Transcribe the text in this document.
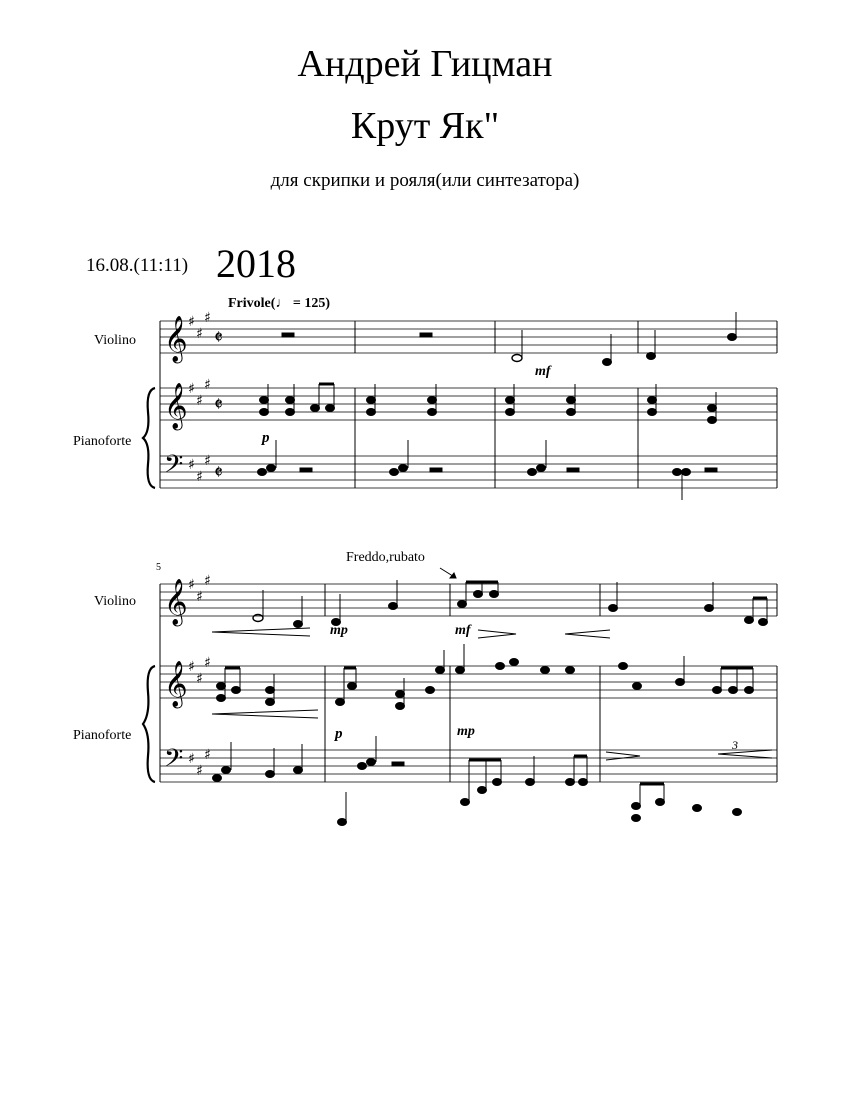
Андрей Гицман
Крут Як"
для скрипки и рояля(или синтезатора)
16.08.(11:11) 2018
Frivole(♩ = 125)
Violino
Pianoforte
Violino
Pianoforte
𝄞
𝄞
𝄢
𝄞
𝄞
𝄢
♯
♯
♯
♯
♯
♯
♯
♯
♯
♯
♯
♯
♯
♯
♯
♯
♯
♯
𝄵
𝄵
𝄵
mf
p
5
Freddo,rubato
mp	mf
p	mp
3
